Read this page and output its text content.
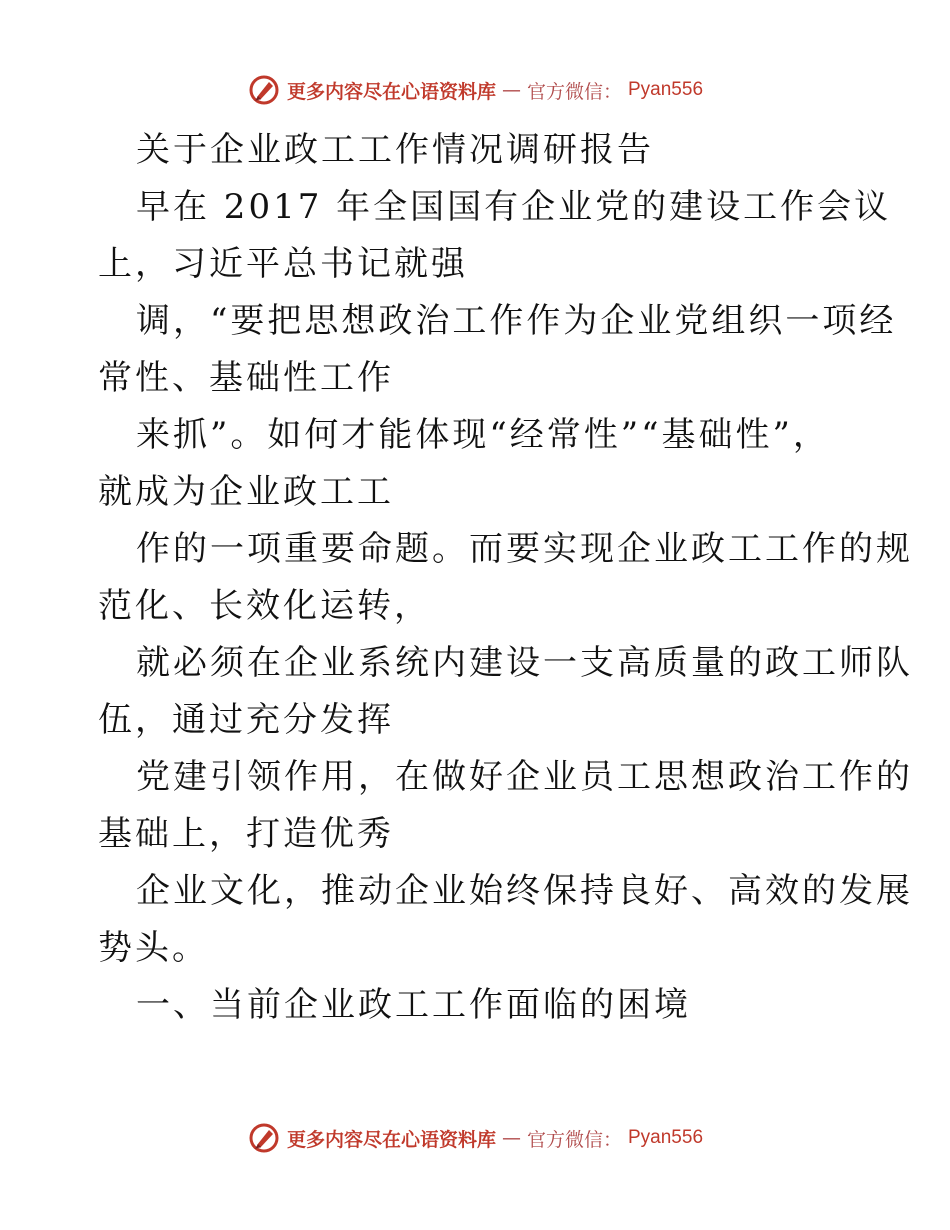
更多内容尽在心语资料库 — 官方微信： Pyan556

关于企业政工工作情况调研报告

早在 2017 年全国国有企业党的建设工作会议

上，习近平总书记就强

调，“要把思想政治工作作为企业党组织一项经

常性、基础性工作

来抓”。如何才能体现“经常性”“基础性”，

就成为企业政工工

作的一项重要命题。而要实现企业政工工作的规

范化、长效化运转，

就必须在企业系统内建设一支高质量的政工师队

伍，通过充分发挥

党建引领作用，在做好企业员工思想政治工作的

基础上，打造优秀

企业文化，推动企业始终保持良好、高效的发展

势头。

一、当前企业政工工作面临的困境

更多内容尽在心语资料库 — 官方微信： Pyan556
